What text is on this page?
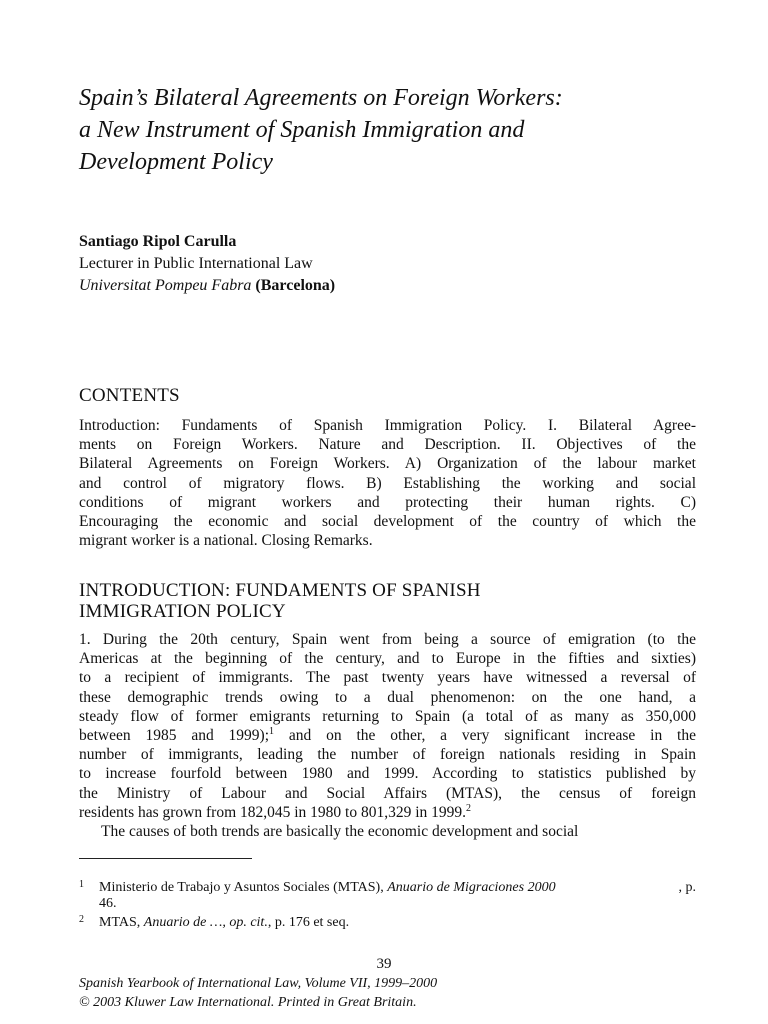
Spain’s Bilateral Agreements on Foreign Workers:
a New Instrument of Spanish Immigration and
Development Policy
Santiago Ripol Carulla
Lecturer in Public International Law
Universitat Pompeu Fabra (Barcelona)
CONTENTS

Introduction: Fundaments of Spanish Immigration Policy. I. Bilateral Agree-
ments on Foreign Workers. Nature and Description. II. Objectives of the
Bilateral Agreements on Foreign Workers. A) Organization of the labour market
and control of migratory flows. B) Establishing the working and social
conditions of migrant workers and protecting their human rights. C)
Encouraging the economic and social development of the country of which the
migrant worker is a national. Closing Remarks.

INTRODUCTION: FUNDAMENTS OF SPANISH
IMMIGRATION POLICY

1. During the 20th century, Spain went from being a source of emigration (to the
Americas at the beginning of the century, and to Europe in the fifties and sixties)
to a recipient of immigrants. The past twenty years have witnessed a reversal of
these demographic trends owing to a dual phenomenon: on the one hand, a
steady flow of former emigrants returning to Spain (a total of as many as 350,000
between 1985 and 1999);$^1$ and on the other, a very significant increase in the
number of immigrants, leading the number of foreign nationals residing in Spain
to increase fourfold between 1980 and 1999. According to statistics published by
the Ministry of Labour and Social Affairs (MTAS), the census of foreign
residents has grown from 182,045 in 1980 to 801,329 in 1999.$^2$
The causes of both trends are basically the economic development and social

1 Ministerio de Trabajo y Asuntos Sociales (MTAS), Anuario de Migraciones 2000	, p.
46.
2 MTAS, Anuario de …, op. cit., p. 176 et seq.
39
Spanish Yearbook of International Law, Volume VII, 1999–2000
© 2003 Kluwer Law International. Printed in Great Britain.
